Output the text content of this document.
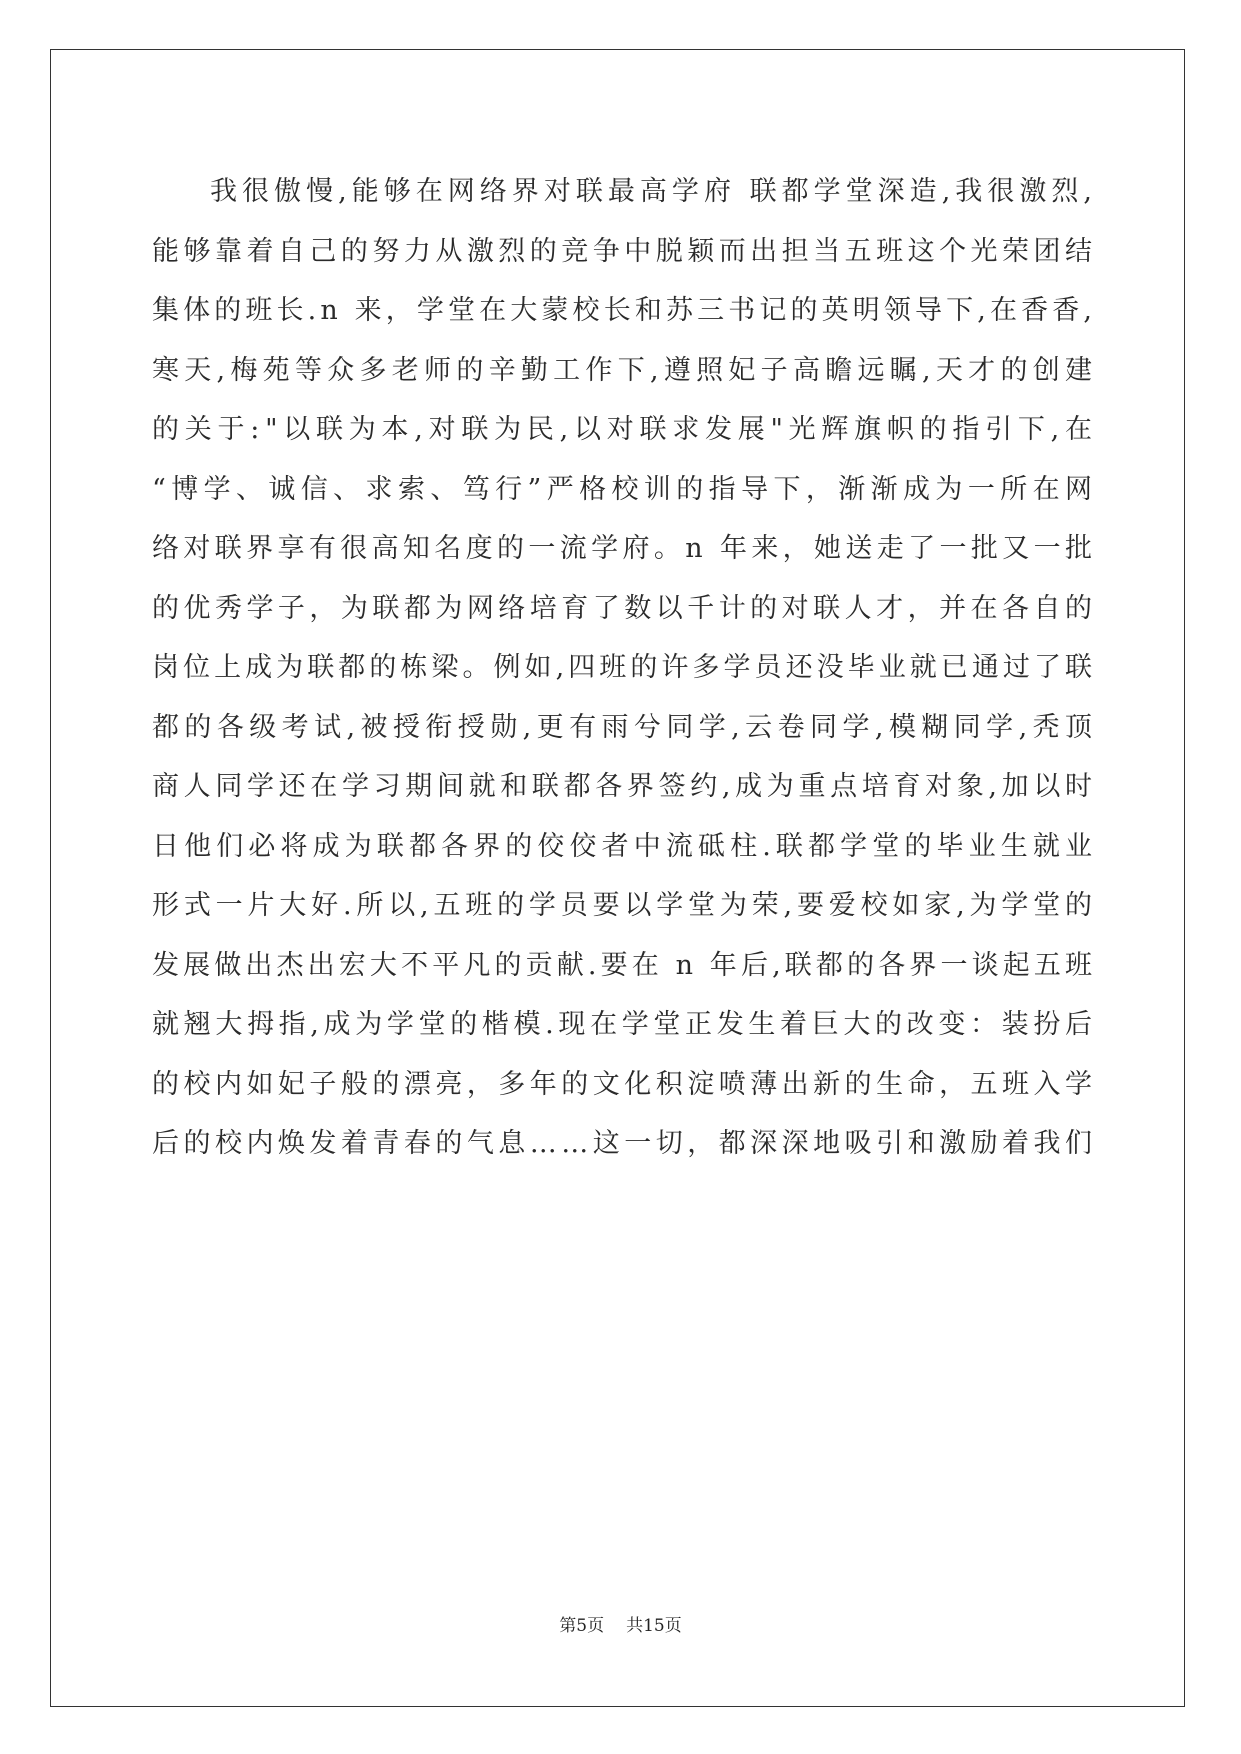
我很傲慢,能够在网络界对联最高学府 联都学堂深造,我很激烈,
能够靠着自己的努力从激烈的竞争中脱颖而出担当五班这个光荣团结
集体的班长.n 来，学堂在大蒙校长和苏三书记的英明领导下,在香香,
寒天,梅苑等众多老师的辛勤工作下,遵照妃子高瞻远瞩,天才的创建
的关于:"以联为本,对联为民,以对联求发展"光辉旗帜的指引下,在
“博学、诚信、求索、笃行”严格校训的指导下，渐渐成为一所在网
络对联界享有很高知名度的一流学府。n 年来，她送走了一批又一批
的优秀学子，为联都为网络培育了数以千计的对联人才，并在各自的
岗位上成为联都的栋梁。例如,四班的许多学员还没毕业就已通过了联
都的各级考试,被授衔授勋,更有雨兮同学,云卷同学,模糊同学,秃顶
商人同学还在学习期间就和联都各界签约,成为重点培育对象,加以时
日他们必将成为联都各界的佼佼者中流砥柱.联都学堂的毕业生就业
形式一片大好.所以,五班的学员要以学堂为荣,要爱校如家,为学堂的
发展做出杰出宏大不平凡的贡献.要在 n 年后,联都的各界一谈起五班
就翘大拇指,成为学堂的楷模.现在学堂正发生着巨大的改变：装扮后
的校内如妃子般的漂亮，多年的文化积淀喷薄出新的生命，五班入学
后的校内焕发着青春的气息……这一切，都深深地吸引和激励着我们
第5页 共15页
